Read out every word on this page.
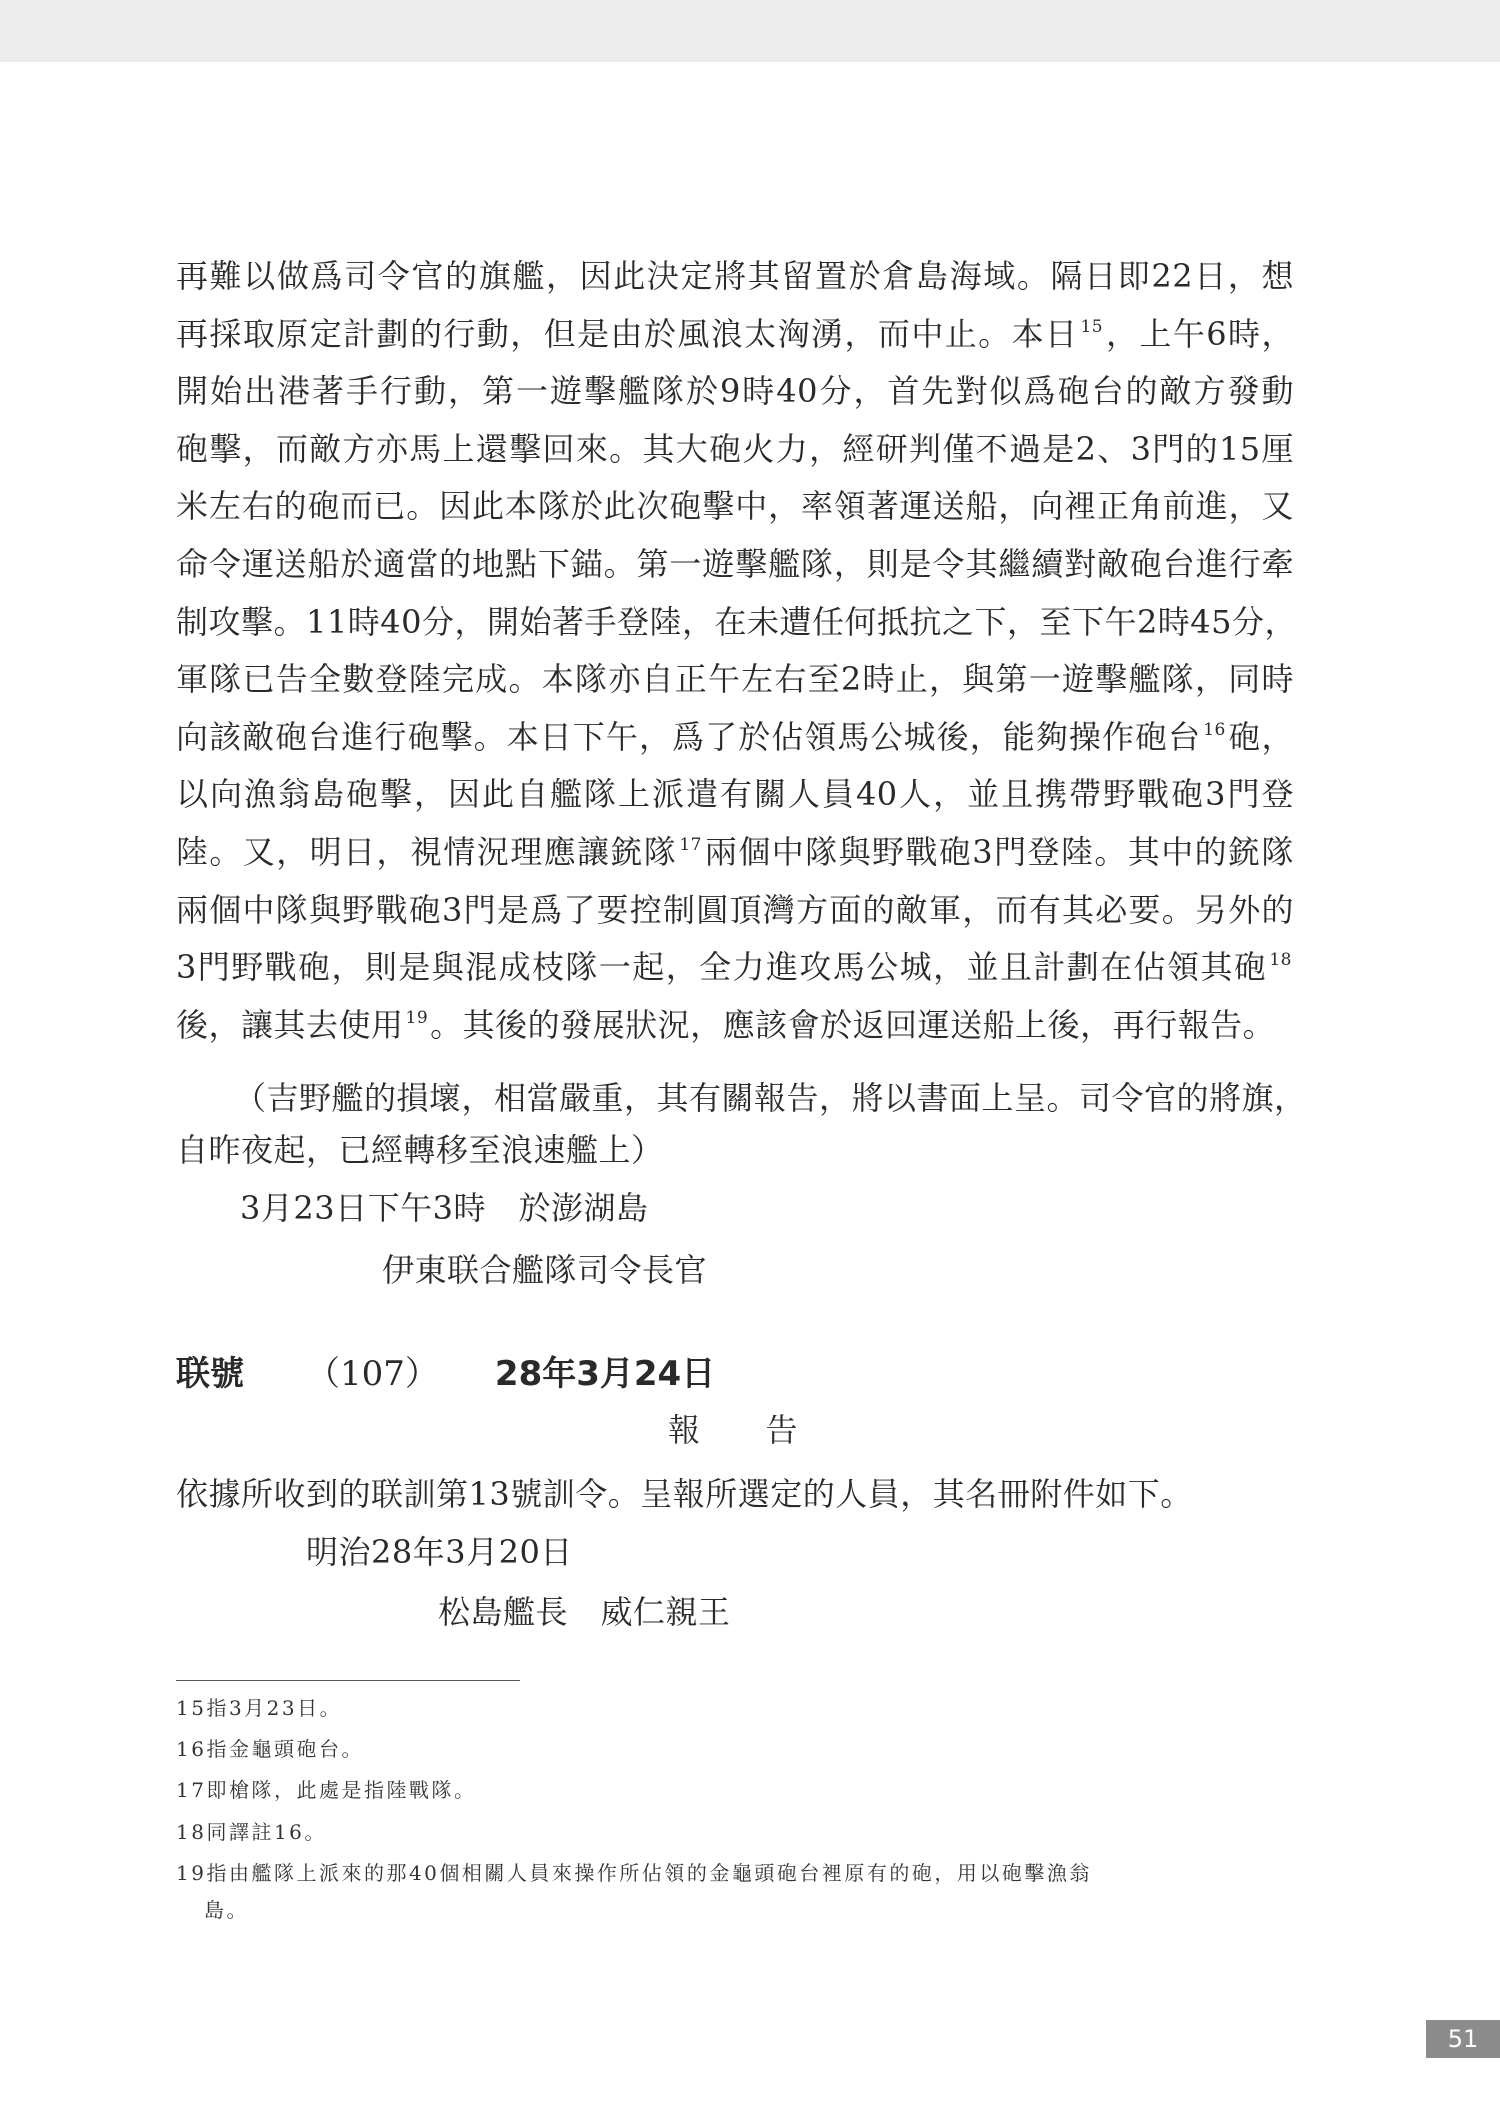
再難以做爲司令官的旗艦，因此決定將其留置於倉島海域。隔日即22日，想
再採取原定計劃的行動，但是由於風浪太洶湧，而中止。本日 $^{15}$，上午6時，
開始出港著手行動，第一遊擊艦隊於9時40分，首先對似爲砲台的敵方發動
砲擊，而敵方亦馬上還擊回來。其大砲火力，經研判僅不過是2、3門的15厘
米左右的砲而已。因此本隊於此次砲擊中，率領著運送船，向裡正角前進，又
命令運送船於適當的地點下錨。第一遊擊艦隊，則是令其繼續對敵砲台進行牽
制攻擊。11時40分，開始著手登陸，在未遭任何抵抗之下，至下午2時45分，
軍隊已告全數登陸完成。本隊亦自正午左右至2時止，與第一遊擊艦隊，同時
向該敵砲台進行砲擊。本日下午，爲了於佔領馬公城後，能夠操作砲台 $^{16}$砲，
以向漁翁島砲擊，因此自艦隊上派遣有關人員40人，並且携帶野戰砲3門登
陸。又，明日，視情況理應讓銃隊 $^{17}$兩個中隊與野戰砲3門登陸。其中的銃隊
兩個中隊與野戰砲3門是爲了要控制圓頂灣方面的敵軍，而有其必要。另外的
3門野戰砲，則是與混成枝隊一起，全力進攻馬公城，並且計劃在佔領其砲 $^{18}$
後，讓其去使用 $^{19}$。其後的發展狀況，應該會於返回運送船上後，再行報告。
（吉野艦的損壞，相當嚴重，其有關報告，將以書面上呈。司令官的將旗，
自昨夜起，已經轉移至浪速艦上）
3月23日下午3時　於澎湖島
伊東联合艦隊司令長官
联號 （107） 28年3月24日
報　　告
依據所收到的联訓第13號訓令。呈報所選定的人員，其名冊附件如下。
明治28年3月20日
松島艦長　威仁親王
15指3月23日。
16指金龜頭砲台。
17即槍隊，此處是指陸戰隊。
18同譯註16。
19指由艦隊上派來的那40個相關人員來操作所佔領的金龜頭砲台裡原有的砲，用以砲擊漁翁
島。
51
